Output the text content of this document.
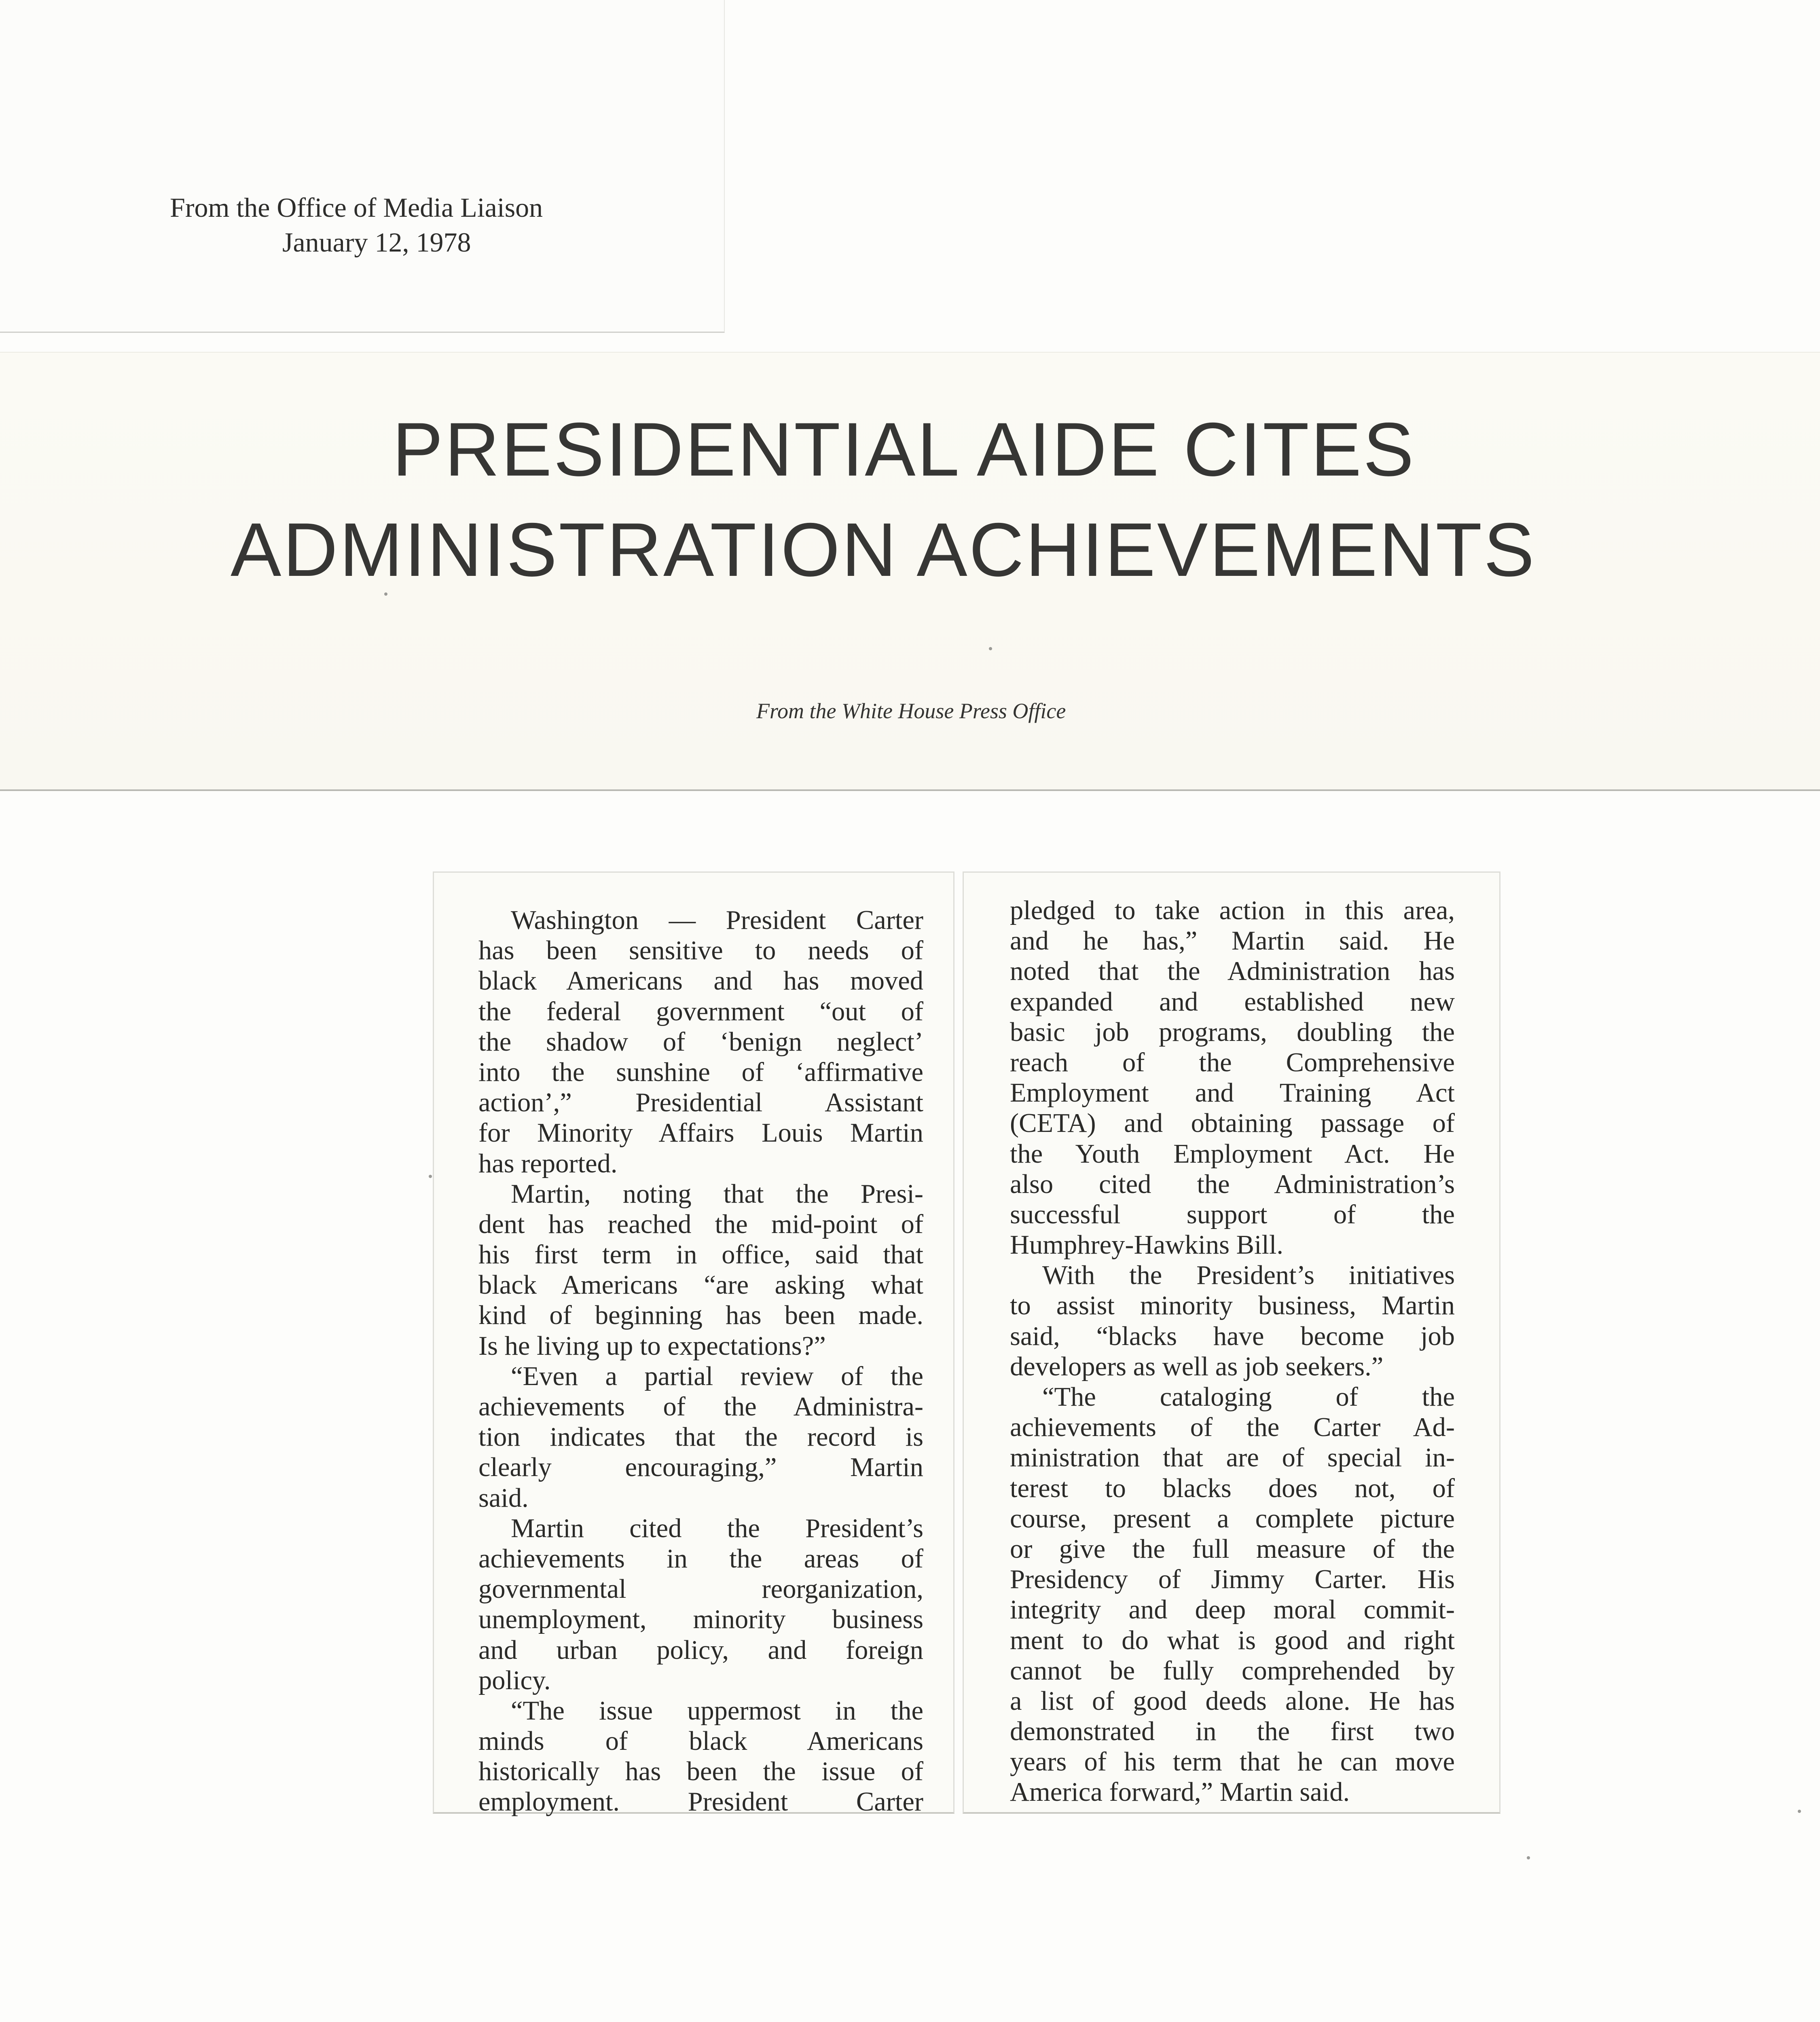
From the Office of Media Liaison
January 12, 1978
PRESIDENTIAL AIDE CITES
ADMINISTRATION ACHIEVEMENTS
From the White House Press Office
Washington — President Carter
has been sensitive to needs of
black Americans and has moved
the federal government “out of
the shadow of ‘benign neglect’
into the sunshine of ‘affirmative
action’,” Presidential Assistant
for Minority Affairs Louis Martin
has reported.
Martin, noting that the Presi-
dent has reached the mid-point of
his first term in office, said that
black Americans “are asking what
kind of beginning has been made.
Is he living up to expectations?”
“Even a partial review of the
achievements of the Administra-
tion indicates that the record is
clearly encouraging,” Martin
said.
Martin cited the President’s
achievements in the areas of
governmental reorganization,
unemployment, minority business
and urban policy, and foreign
policy.
“The issue uppermost in the
minds of black Americans
historically has been the issue of
employment. President Carter
pledged to take action in this area,
and he has,” Martin said. He
noted that the Administration has
expanded and established new
basic job programs, doubling the
reach of the Comprehensive
Employment and Training Act
(CETA) and obtaining passage of
the Youth Employment Act. He
also cited the Administration’s
successful support of the
Humphrey-Hawkins Bill.
With the President’s initiatives
to assist minority business, Martin
said, “blacks have become job
developers as well as job seekers.”
“The cataloging of the
achievements of the Carter Ad-
ministration that are of special in-
terest to blacks does not, of
course, present a complete picture
or give the full measure of the
Presidency of Jimmy Carter. His
integrity and deep moral commit-
ment to do what is good and right
cannot be fully comprehended by
a list of good deeds alone. He has
demonstrated in the first two
years of his term that he can move
America forward,” Martin said.
